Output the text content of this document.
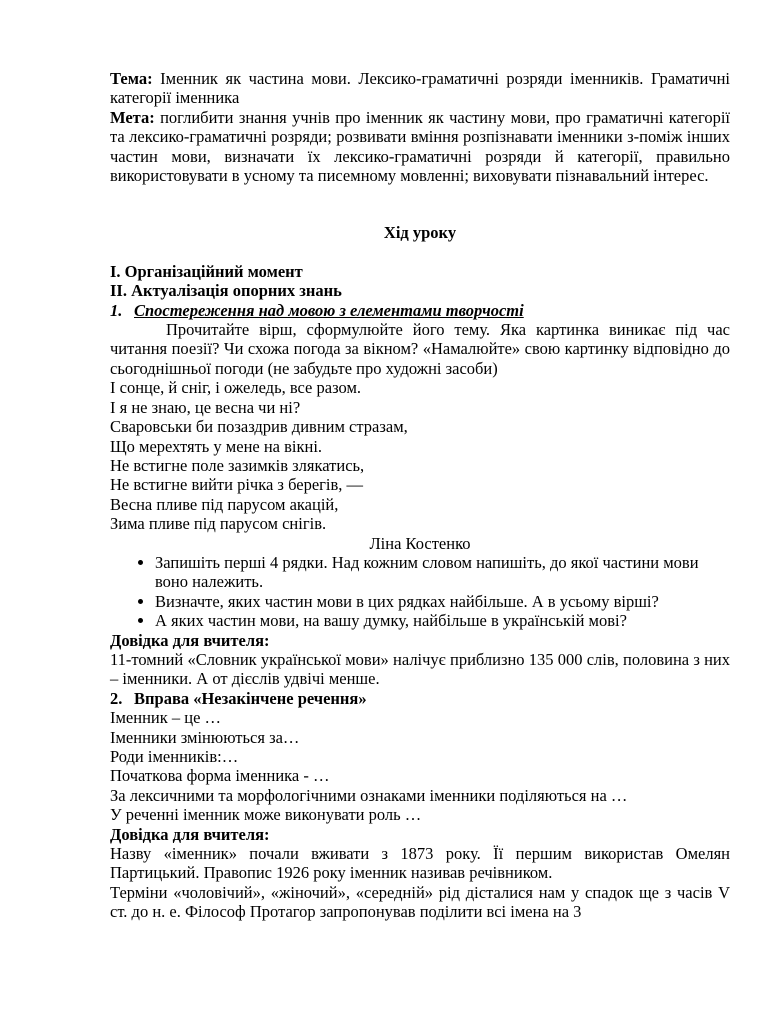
Тема: Іменник як частина мови. Лексико-граматичні розряди іменників. Граматичні категорії іменника

Мета: поглибити знання учнів про іменник як частину мови, про граматичні категорії та лексико-граматичні розряди; розвивати вміння розпізнавати іменники з-поміж інших частин мови, визначати їх лексико-граматичні розряди й категорії, правильно використовувати в усному та писемному мовленні; виховувати пізнавальний інтерес.

Хід уроку

І. Організаційний момент

ІІ. Актуалізація опорних знань

1. Спостереження над мовою з елементами творчості

Прочитайте вірш, сформулюйте його тему. Яка картинка виникає під час читання поезії? Чи схожа погода за вікном? «Намалюйте» свою картинку відповідно до сьогоднішньої погоди (не забудьте про художні засоби)

І сонце, й сніг, і ожеледь, все разом.

І я не знаю, це весна чи ні?

Сваровськи би позаздрив дивним стразам,

Що мерехтять у мене на вікні.

Не встигне поле зазимків злякатись,

Не встигне вийти річка з берегів, —

Весна пливе під парусом акацій,

Зима пливе під парусом снігів.

Ліна Костенко

• Запишіть перші 4 рядки. Над кожним словом напишіть, до якої частини мови воно належить.
• Визначте, яких частин мови в цих рядках найбільше. А в усьому вірші?
• А яких частин мови, на вашу думку, найбільше в українській мові?

Довідка для вчителя:

11-томний «Словник української мови» налічує приблизно 135 000 слів, половина з них – іменники. А от дієслів удвічі менше.

2. Вправа «Незакінчене речення»

Іменник – це …

Іменники змінюються за…

Роди іменників:…

Початкова форма іменника - …

За лексичними та морфологічними ознаками іменники поділяються на …

У реченні іменник може виконувати роль …

Довідка для вчителя:

Назву «іменник» почали вживати з 1873 року. Її першим використав Омелян Партицький. Правопис 1926 року іменник називав речівником.

Терміни «чоловічий», «жіночий», «середній» рід дісталися нам у спадок ще з часів V ст. до н. е. Філософ Протагор запропонував поділити всі імена на 3
